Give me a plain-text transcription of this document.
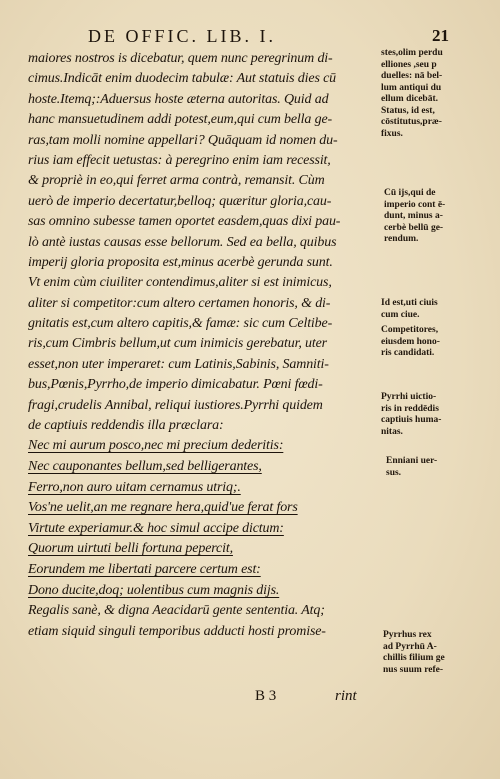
DE OFFIC. LIB. I.	21
maiores nostros is dicebatur, quem nunc peregrinum di-
cimus.Indicāt enim duodecim tabulæ: Aut statuis dies cū
hoste.Itemq;:Aduersus hoste æterna autoritas. Quid ad
hanc mansuetudinem addi potest,eum,qui cum bella ge-
ras,tam molli nomine appellari? Quāquam id nomen du-
rius iam effecit uetustas: à peregrino enim iam recessit,
& propriè in eo,qui ferret arma contrà, remansit. Cùm
uerò de imperio decertatur,belloq; quæritur gloria,cau-
sas omnino subesse tamen oportet easdem,quas dixi pau-
lò antè iustas causas esse bellorum. Sed ea bella, quibus
imperij gloria proposita est,minus acerbè gerunda sunt.
Vt enim cùm ciuiliter contendimus,aliter si est inimicus,
aliter si competitor:cum altero certamen honoris, & di-
gnitatis est,cum altero capitis,& famæ: sic cum Celtibe-
ris,cum Cimbris bellum,ut cum inimicis gerebatur, uter
esset,non uter imperaret: cum Latinis,Sabinis, Samniti-
bus,Pœnis,Pyrrho,de imperio dimicabatur. Pœni fœdi-
fragi,crudelis Annibal, reliqui iustiores.Pyrrhi quidem
de captiuis reddendis illa præclara:
Nec mi aurum posco,nec mi precium dederitis:
Nec cauponantes bellum,sed belligerantes,
Ferro,non auro uitam cernamus utriq;.
Vos'ne uelit,an me regnare hera,quid'ue ferat fors
Virtute experiamur.& hoc simul accipe dictum:
Quorum uirtuti belli fortuna pepercit,
Eorundem me libertati parcere certum est:
Dono ducite,doq; uolentibus cum magnis dijs.
Regalis sanè, & digna Aeacidarū gente sententia. Atq;
etiam siquid singuli temporibus adducti hosti promise-
stes,olim perdu
elliones ,seu p
duelles: nā bel-
lum antiqui du
ellum dicebāt.
Status, id est,
cōstitutus,præ-
fixus.
Cū ijs,qui de
imperio cont ē-
dunt, minus a-
cerbè bellū ge-
rendum.
Id est,uti ciuis
cum ciue.
Competitores,
eiusdem hono-
ris candidati.
Pyrrhi uictio-
ris in reddēdis
captiuis huma-
nitas.
Enniani uer-
sus.
Pyrrhus rex
ad Pyrrhū A-
chillis filium ge
nus suum refe-
B 3	rint
